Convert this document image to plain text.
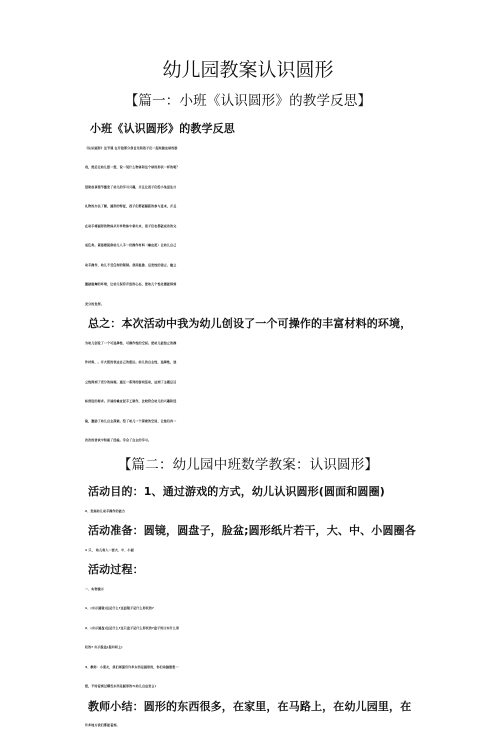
幼儿园教案认识圆形
【篇一：小班《认识圆形》的教学反思】
小班《认识圆形》的教学反思
《认识圆形》这节课 在开始部分我首先和孩子们一起玩抛皮球的游
戏，然后让幼儿想一想，说一说什么物体和这个球的形状一样的呢？
借助故事情节激发了幼儿的学习兴趣，并且让孩子们给小兔送生日
礼物的办法了解，圆形的特征，孩子们都能踊跃的参与进来，并且
在动手将圆形的物体从许多物体中拿出来，孩子们也都能成功的完
成任务。紧接着提供幼儿人手一份操作材料（橡皮泥）让幼儿自己
动手操作，幼儿不受任何的限制。我用鼓励、启发性的语言，建立
激励鼓舞的环境，让幼儿保持开放的心态，使幼儿个性化潜能得到
充分的发挥。
总之：本次活动中我为幼儿创设了一个可操作的丰富材料的环境，
为幼儿创设了一个可选择性、可操作性的空间。使幼儿能独立的操
作材料，。并大胆的表达自己的想法。幼儿的自主性，选择性，独
立性得到了充分的体现。通过一系列的游戏活动，达到了主题总目
标预设的要求。开展的橡皮泥手工制作，比较符合幼儿的兴趣和经
验，激励了幼儿自主探索。给了幼儿一个探索的空间，让他们再一
次次的尝试中积累了经验。学会了自主的学习。
【篇二：幼儿园中班数学教案：认识圆形】
活动目的：1、通过游戏的方式，幼儿认识圆形(圆面和圆圈)
2、发展幼儿动手操作的能力
活动准备：圆镜，圆盘子，脸盆;圆形纸片若干，大、中、小圆圈各
1 只， 幼儿每人一套大、中、小圆
活动过程：
一、实物演示
1、(出示圆镜)这是什么?这面镜子是什么形状的?
2、(出示圆盘)这是什么?这只盘子是什么形状的?盘子的口实什么形
状的? 出示脸盆(提问同上)
3、教师：小朋友，我们周围有许多东西是圆形的，你们动脑筋想一
想，平时看到过哪些东西是圆形的?(幼儿自由发言)
教师小结：圆形的东西很多，在家里，在马路上，在幼儿园里，在
许多地方我们都能看到。
